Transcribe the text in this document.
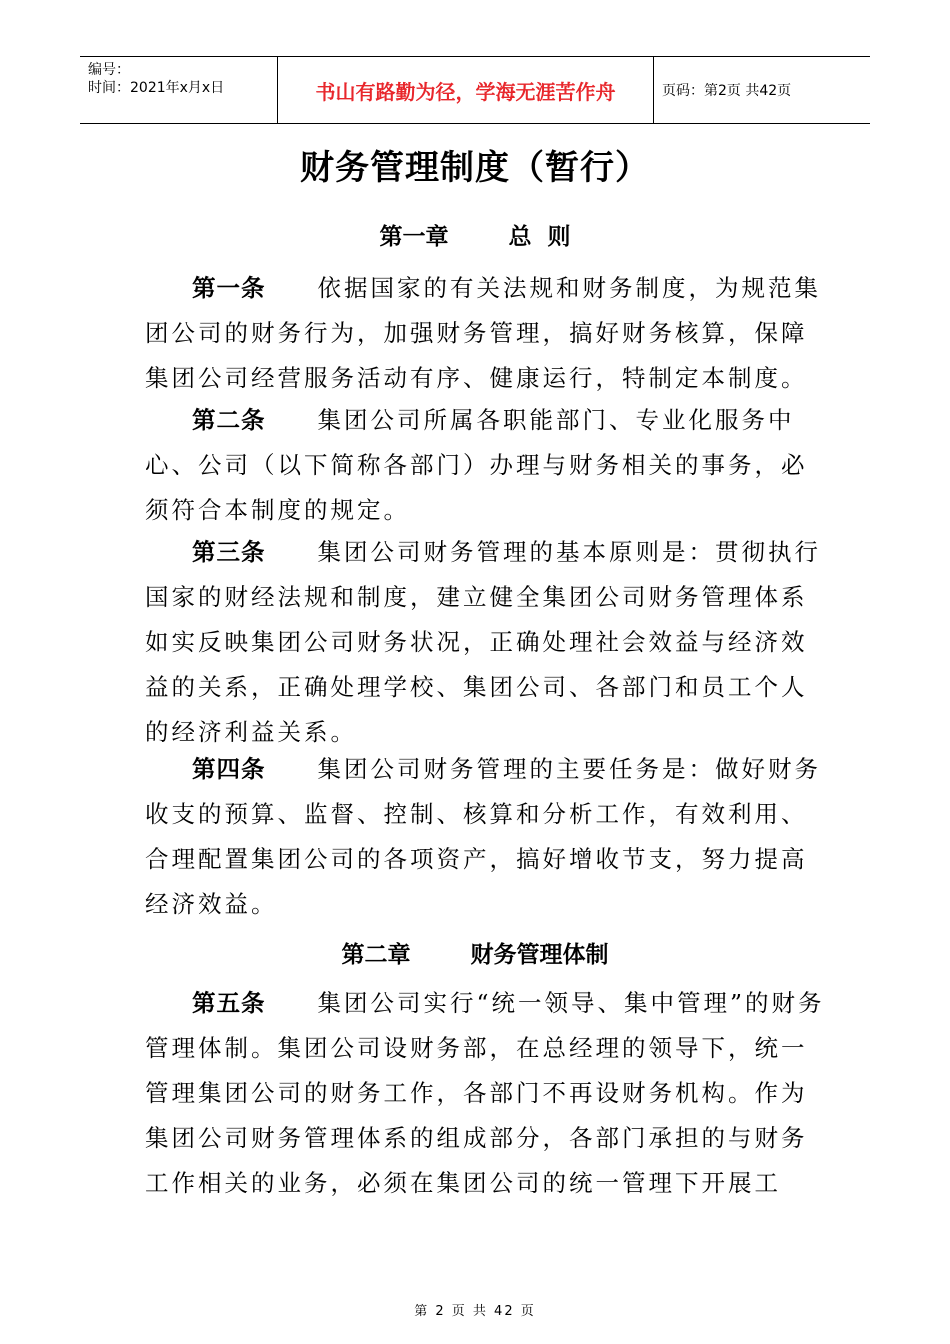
编号：
时间：2021年x月x日	书山有路勤为径，学海无涯苦作舟	页码：第2页 共42页
财务管理制度（暂行）
第一章	总  则

第一条 依据国家的有关法规和财务制度，为规范集团公司的财务行为，加强财务管理，搞好财务核算，保障集团公司经营服务活动有序、健康运行，特制定本制度。

第二条 集团公司所属各职能部门、专业化服务中心、公司（以下简称各部门）办理与财务相关的事务，必须符合本制度的规定。

第三条 集团公司财务管理的基本原则是：贯彻执行国家的财经法规和制度，建立健全集团公司财务管理体系如实反映集团公司财务状况，正确处理社会效益与经济效益的关系，正确处理学校、集团公司、各部门和员工个人的经济利益关系。

第四条 集团公司财务管理的主要任务是：做好财务收支的预算、监督、控制、核算和分析工作，有效利用、合理配置集团公司的各项资产，搞好增收节支，努力提高经济效益。

第二章	财务管理体制

第五条 集团公司实行“统一领导、集中管理”的财务管理体制。集团公司设财务部，在总经理的领导下，统一管理集团公司的财务工作，各部门不再设财务机构。作为集团公司财务管理体系的组成部分，各部门承担的与财务工作相关的业务，必须在集团公司的统一管理下开展工

第 2 页 共 42 页
